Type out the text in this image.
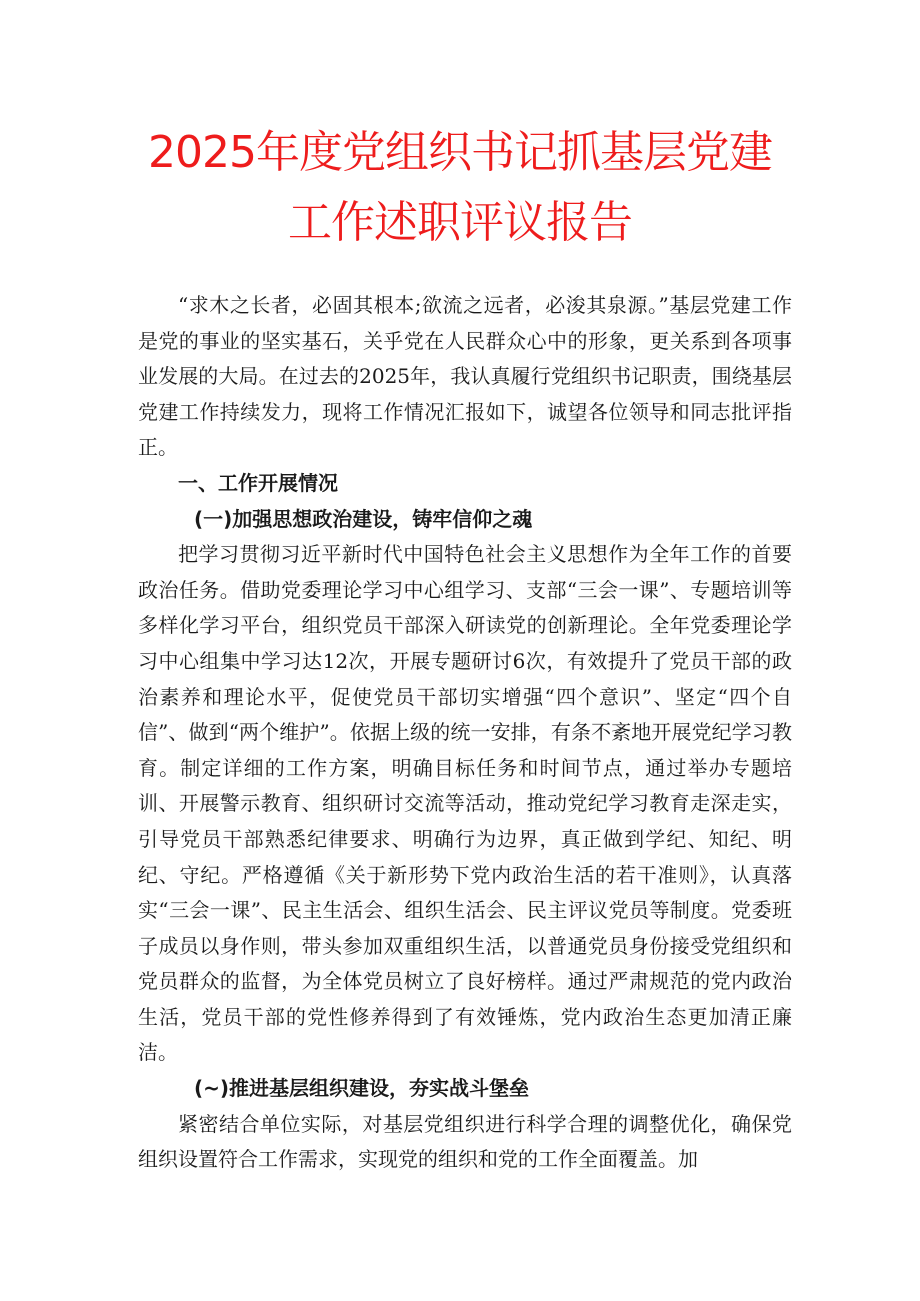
2025年度党组织书记抓基层党建
工作述职评议报告

“求木之长者，必固其根本;欲流之远者，必浚其泉源。”基层党建工作是党的事业的坚实基石，关乎党在人民群众心中的形象，更关系到各项事业发展的大局。在过去的2025年，我认真履行党组织书记职责，围绕基层党建工作持续发力，现将工作情况汇报如下，诚望各位领导和同志批评指正。

一、工作开展情况

(一)加强思想政治建设，铸牢信仰之魂

把学习贯彻习近平新时代中国特色社会主义思想作为全年工作的首要政治任务。借助党委理论学习中心组学习、支部“三会一课”、专题培训等多样化学习平台，组织党员干部深入研读党的创新理论。全年党委理论学习中心组集中学习达12次，开展专题研讨6次，有效提升了党员干部的政治素养和理论水平，促使党员干部切实增强“四个意识”、坚定“四个自信”、做到“两个维护”。依据上级的统一安排，有条不紊地开展党纪学习教育。制定详细的工作方案，明确目标任务和时间节点，通过举办专题培训、开展警示教育、组织研讨交流等活动，推动党纪学习教育走深走实，引导党员干部熟悉纪律要求、明确行为边界，真正做到学纪、知纪、明纪、守纪。严格遵循《关于新形势下党内政治生活的若干准则》，认真落实“三会一课”、民主生活会、组织生活会、民主评议党员等制度。党委班子成员以身作则，带头参加双重组织生活，以普通党员身份接受党组织和党员群众的监督，为全体党员树立了良好榜样。通过严肃规范的党内政治生活，党员干部的党性修养得到了有效锤炼，党内政治生态更加清正廉洁。

(~)推进基层组织建设，夯实战斗堡垒

紧密结合单位实际，对基层党组织进行科学合理的调整优化，确保党组织设置符合工作需求，实现党的组织和党的工作全面覆盖。加
